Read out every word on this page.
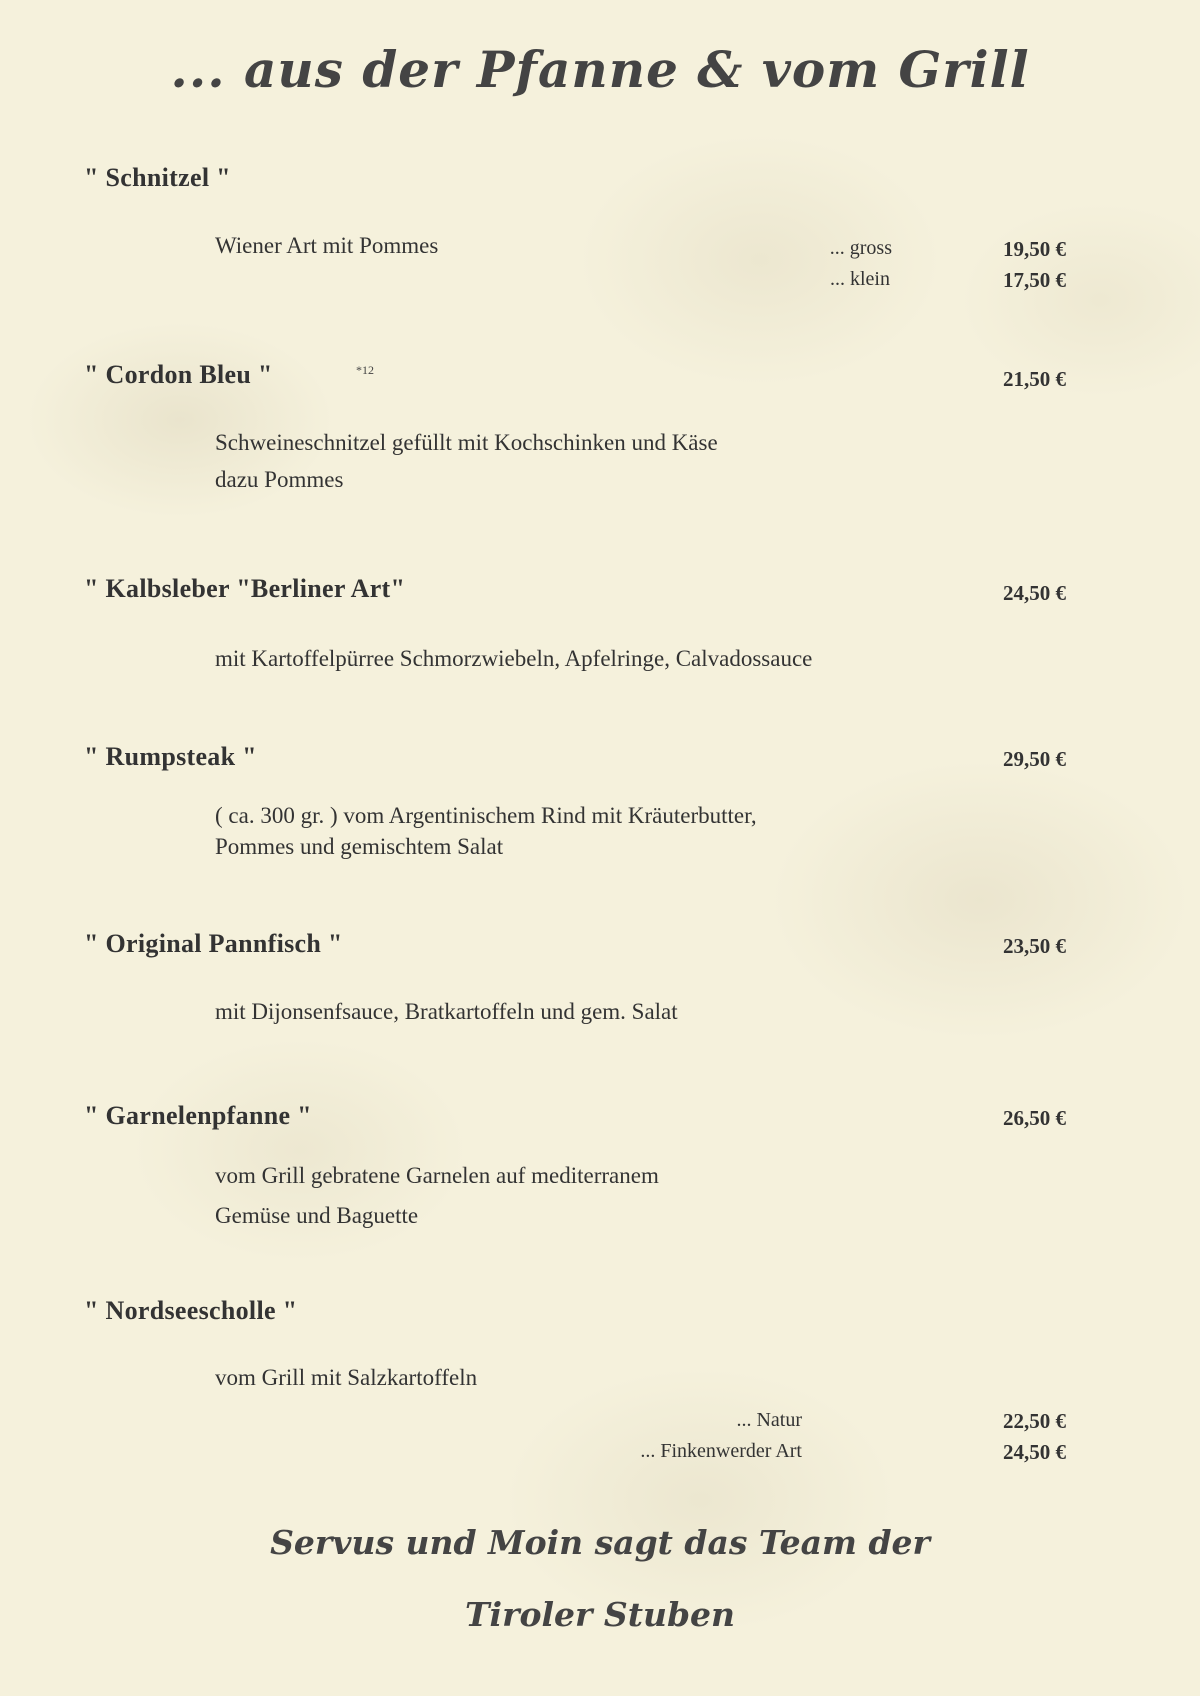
... aus der Pfanne & vom Grill
" Schnitzel "
Wiener Art mit Pommes	... gross	19,50 €
... klein	17,50 €
" Cordon Bleu "	*12	21,50 €
Schweineschnitzel gefüllt mit Kochschinken und Käse
dazu Pommes
" Kalbsleber "Berliner Art"	24,50 €
mit Kartoffelpürree Schmorzwiebeln, Apfelringe, Calvadossauce
" Rumpsteak "	29,50 €
( ca. 300 gr. ) vom Argentinischem Rind mit Kräuterbutter,
Pommes und gemischtem Salat
" Original Pannfisch "	23,50 €
mit Dijonsenfsauce, Bratkartoffeln und gem. Salat
" Garnelenpfanne "	26,50 €
vom Grill gebratene Garnelen auf mediterranem
Gemüse und Baguette
" Nordseescholle "
vom Grill mit Salzkartoffeln
... Natur	22,50 €
... Finkenwerder Art	24,50 €
Servus und Moin sagt das Team der
Tiroler Stuben
